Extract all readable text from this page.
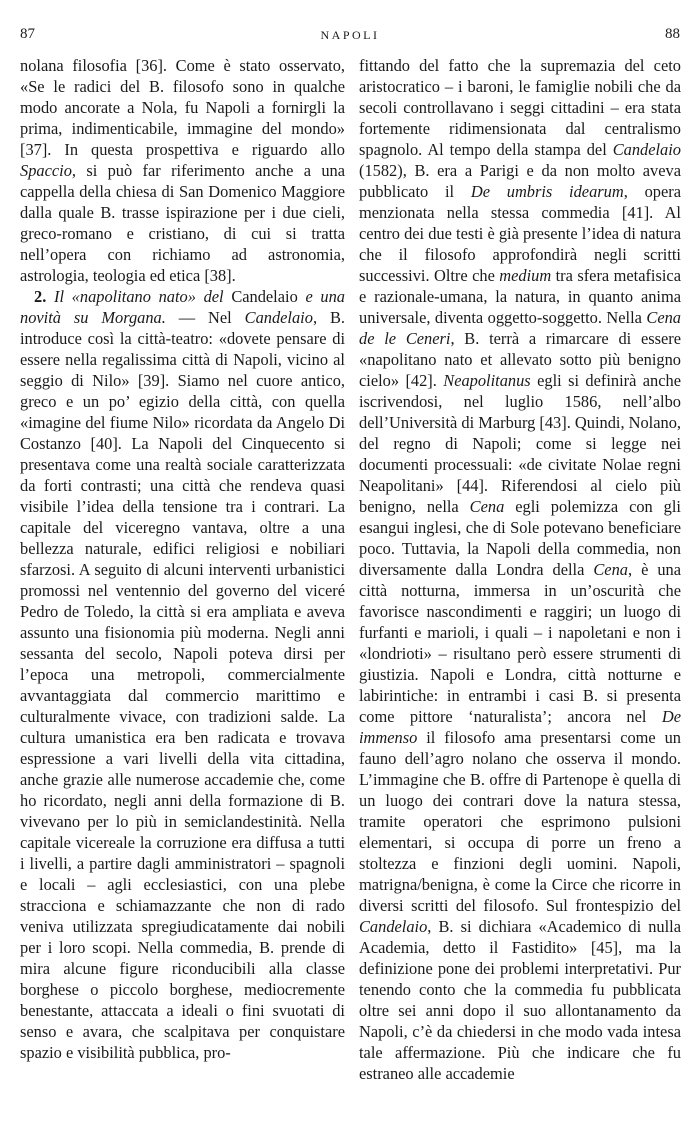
87	NAPOLI	88

nolana filosofia [36]. Come è stato osservato, «Se le radici del B. filosofo sono in qualche modo ancorate a Nola, fu Napoli a fornirgli la prima, indimenticabile, immagine del mondo» [37]. In questa prospettiva e riguardo allo Spaccio, si può far riferimento anche a una cappella della chiesa di San Domenico Maggiore dalla quale B. trasse ispirazione per i due cieli, greco-romano e cristiano, di cui si tratta nell’opera con richiamo ad astronomia, astrologia, teologia ed etica [38].

2. Il «napolitano nato» del Candelaio e una novità su Morgana. — Nel Candelaio, B. introduce così la città-teatro: «dovete pensare di essere nella regalissima città di Napoli, vicino al seggio di Nilo» [39]. Siamo nel cuore antico, greco e un po’ egizio della città, con quella «imagine del fiume Nilo» ricordata da Angelo Di Costanzo [40]. La Napoli del Cinquecento si presentava come una realtà sociale caratterizzata da forti contrasti; una città che rendeva quasi visibile l’idea della tensione tra i contrari. La capitale del viceregno vantava, oltre a una bellezza naturale, edifici religiosi e nobiliari sfarzosi. A seguito di alcuni interventi urbanistici promossi nel ventennio del governo del viceré Pedro de Toledo, la città si era ampliata e aveva assunto una fisionomia più moderna. Negli anni sessanta del secolo, Napoli poteva dirsi per l’epoca una metropoli, commercialmente avvantaggiata dal commercio marittimo e culturalmente vivace, con tradizioni salde. La cultura umanistica era ben radicata e trovava espressione a vari livelli della vita cittadina, anche grazie alle numerose accademie che, come ho ricordato, negli anni della formazione di B. vivevano per lo più in semiclandestinità. Nella capitale vicereale la corruzione era diffusa a tutti i livelli, a partire dagli amministratori – spagnoli e locali – agli ecclesiastici, con una plebe stracciona e schiamazzante che non di rado veniva utilizzata spregiudicatamente dai nobili per i loro scopi. Nella commedia, B. prende di mira alcune figure riconducibili alla classe borghese o piccolo borghese, mediocremente benestante, attaccata a ideali o fini svuotati di senso e avara, che scalpitava per conquistare spazio e visibilità pubblica, pro-

fittando del fatto che la supremazia del ceto aristocratico – i baroni, le famiglie nobili che da secoli controllavano i seggi cittadini – era stata fortemente ridimensionata dal centralismo spagnolo. Al tempo della stampa del Candelaio (1582), B. era a Parigi e da non molto aveva pubblicato il De umbris idearum, opera menzionata nella stessa commedia [41]. Al centro dei due testi è già presente l’idea di natura che il filosofo approfondirà negli scritti successivi. Oltre che medium tra sfera metafisica e razionale-umana, la natura, in quanto anima universale, diventa oggetto-soggetto. Nella Cena de le Ceneri, B. terrà a rimarcare di essere «napolitano nato et allevato sotto più benigno cielo» [42]. Neapolitanus egli si definirà anche iscrivendosi, nel luglio 1586, nell’albo dell’Università di Marburg [43]. Quindi, Nolano, del regno di Napoli; come si legge nei documenti processuali: «de civitate Nolae regni Neapolitani» [44]. Riferendosi al cielo più benigno, nella Cena egli polemizza con gli esangui inglesi, che di Sole potevano beneficiare poco. Tuttavia, la Napoli della commedia, non diversamente dalla Londra della Cena, è una città notturna, immersa in un’oscurità che favorisce nascondimenti e raggiri; un luogo di furfanti e marioli, i quali – i napoletani e non i «londrioti» – risultano però essere strumenti di giustizia. Napoli e Londra, città notturne e labirintiche: in entrambi i casi B. si presenta come pittore ‘naturalista’; ancora nel De immenso il filosofo ama presentarsi come un fauno dell’agro nolano che osserva il mondo. L’immagine che B. offre di Partenope è quella di un luogo dei contrari dove la natura stessa, tramite operatori che esprimono pulsioni elementari, si occupa di porre un freno a stoltezza e finzioni degli uomini. Napoli, matrigna/benigna, è come la Circe che ricorre in diversi scritti del filosofo. Sul frontespizio del Candelaio, B. si dichiara «Academico di nulla Academia, detto il Fastidito» [45], ma la definizione pone dei problemi interpretativi. Pur tenendo conto che la commedia fu pubblicata oltre sei anni dopo il suo allontanamento da Napoli, c’è da chiedersi in che modo vada intesa tale affermazione. Più che indicare che fu estraneo alle accademie
